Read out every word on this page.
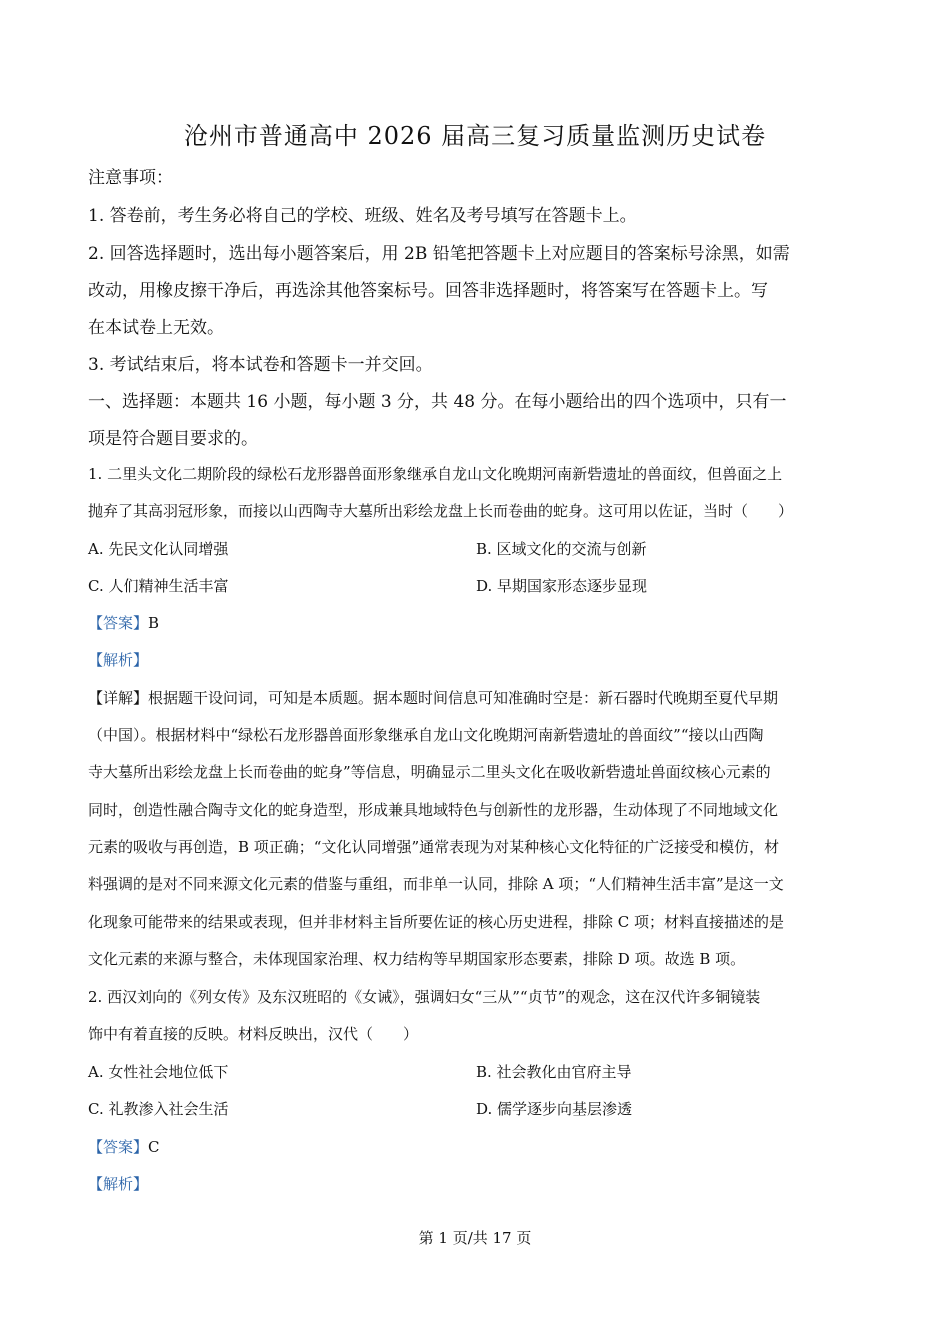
沧州市普通高中 2026 届高三复习质量监测历史试卷
注意事项：
1. 答卷前，考生务必将自己的学校、班级、姓名及考号填写在答题卡上。
2. 回答选择题时，选出每小题答案后，用 2B 铅笔把答题卡上对应题目的答案标号涂黑，如需
改动，用橡皮擦干净后，再选涂其他答案标号。回答非选择题时，将答案写在答题卡上。写
在本试卷上无效。
3. 考试结束后，将本试卷和答题卡一并交回。
一、选择题：本题共 16 小题，每小题 3 分，共 48 分。在每小题给出的四个选项中，只有一
项是符合题目要求的。
1. 二里头文化二期阶段的绿松石龙形器兽面形象继承自龙山文化晚期河南新砦遗址的兽面纹，但兽面之上
抛弃了其高羽冠形象，而接以山西陶寺大墓所出彩绘龙盘上长而卷曲的蛇身。这可用以佐证，当时（　　）
A. 先民文化认同增强	B. 区域文化的交流与创新
C. 人们精神生活丰富	D. 早期国家形态逐步显现
【答案】B
【解析】
【详解】根据题干设问词，可知是本质题。据本题时间信息可知准确时空是：新石器时代晚期至夏代早期
（中国）。根据材料中“绿松石龙形器兽面形象继承自龙山文化晚期河南新砦遗址的兽面纹”“接以山西陶
寺大墓所出彩绘龙盘上长而卷曲的蛇身”等信息，明确显示二里头文化在吸收新砦遗址兽面纹核心元素的
同时，创造性融合陶寺文化的蛇身造型，形成兼具地域特色与创新性的龙形器，生动体现了不同地域文化
元素的吸收与再创造，B 项正确；“文化认同增强”通常表现为对某种核心文化特征的广泛接受和模仿，材
料强调的是对不同来源文化元素的借鉴与重组，而非单一认同，排除 A 项；“人们精神生活丰富”是这一文
化现象可能带来的结果或表现，但并非材料主旨所要佐证的核心历史进程，排除 C 项；材料直接描述的是
文化元素的来源与整合，未体现国家治理、权力结构等早期国家形态要素，排除 D 项。故选 B 项。
2. 西汉刘向的《列女传》及东汉班昭的《女诫》，强调妇女“三从”“贞节”的观念，这在汉代许多铜镜装
饰中有着直接的反映。材料反映出，汉代（　　）
A. 女性社会地位低下	B. 社会教化由官府主导
C. 礼教渗入社会生活	D. 儒学逐步向基层渗透
【答案】C
【解析】
第 1 页/共 17 页
